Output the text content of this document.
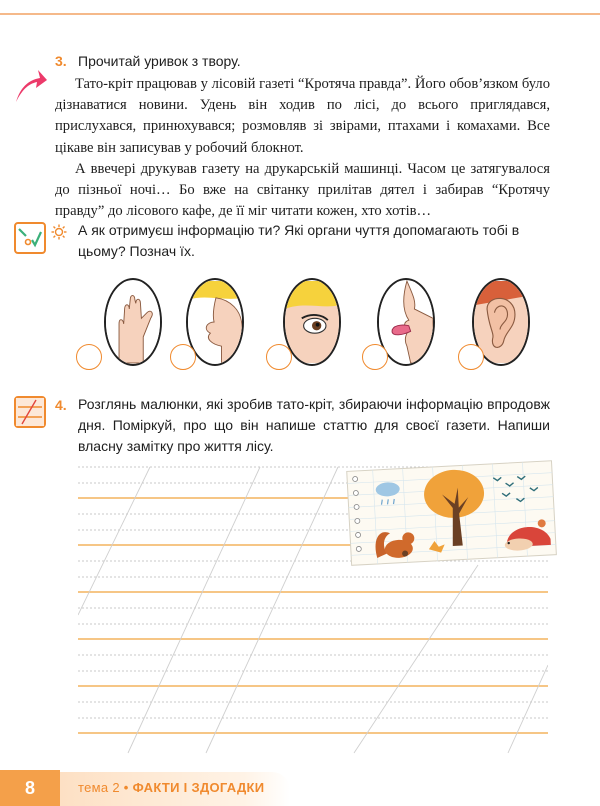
3. Прочитай уривок з твору.
Тато-кріт працював у лісовій газеті “Кротяча правда”. Його обов’язком було дізнаватися новини. Удень він ходив по лісі, до всього приглядався, прислухався, принюхувався; розмовляв зі звірами, птахами і комахами. Все цікаве він записував у робочий блокнот.
А ввечері друкував газету на друкарській машинці. Часом це затягувалося до пізньої ночі… Бо вже на світанку прилітав дятел і забирав “Кротячу правду” до лісового кафе, де її міг читати кожен, хто хотів…
А як отримуєш інформацію ти? Які органи чуття допомагають тобі в цьому? Познач їх.
4. Розглянь малюнки, які зробив тато-кріт, збираючи інформацію впродовж дня. Поміркуй, про що він напише статтю для своєї газети. Напиши власну замітку про життя лісу.
8	тема 2 • ФАКТИ І ЗДОГАДКИ
